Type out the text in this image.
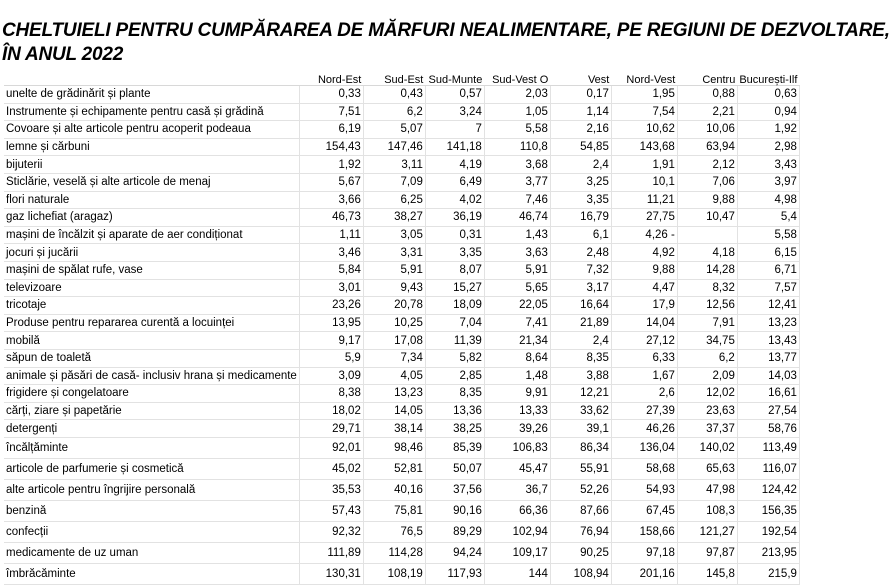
CHELTUIELI PENTRU CUMPĂRAREA DE MĂRFURI NEALIMENTARE, PE REGIUNI DE DEZVOLTARE,
ÎN ANUL 2022
	Nord-Est	Sud-Est	Sud-Munte	Sud-Vest O	Vest	Nord-Vest	Centru	București-Ilf
unelte de grădinărit și plante	0,33	0,43	0,57	2,03	0,17	1,95	0,88	0,63
Instrumente și echipamente pentru casă și grădină	7,51	6,2	3,24	1,05	1,14	7,54	2,21	0,94
Covoare și alte articole pentru acoperit podeaua	6,19	5,07	7	5,58	2,16	10,62	10,06	1,92
lemne și cărbuni	154,43	147,46	141,18	110,8	54,85	143,68	63,94	2,98
bijuterii	1,92	3,11	4,19	3,68	2,4	1,91	2,12	3,43
Sticlărie, veselă și alte articole de menaj	5,67	7,09	6,49	3,77	3,25	10,1	7,06	3,97
flori naturale	3,66	6,25	4,02	7,46	3,35	11,21	9,88	4,98
gaz lichefiat (aragaz)	46,73	38,27	36,19	46,74	16,79	27,75	10,47	5,4
mașini de încălzit și aparate de aer condiționat	1,11	3,05	0,31	1,43	6,1	4,26 -		5,58
jocuri și jucării	3,46	3,31	3,35	3,63	2,48	4,92	4,18	6,15
mașini de spălat rufe, vase	5,84	5,91	8,07	5,91	7,32	9,88	14,28	6,71
televizoare	3,01	9,43	15,27	5,65	3,17	4,47	8,32	7,57
tricotaje	23,26	20,78	18,09	22,05	16,64	17,9	12,56	12,41
Produse pentru repararea curentă a locuinței	13,95	10,25	7,04	7,41	21,89	14,04	7,91	13,23
mobilă	9,17	17,08	11,39	21,34	2,4	27,12	34,75	13,43
săpun de toaletă	5,9	7,34	5,82	8,64	8,35	6,33	6,2	13,77
animale și păsări de casă- inclusiv hrana și medicamente	3,09	4,05	2,85	1,48	3,88	1,67	2,09	14,03
frigidere și congelatoare	8,38	13,23	8,35	9,91	12,21	2,6	12,02	16,61
cărți, ziare și papetărie	18,02	14,05	13,36	13,33	33,62	27,39	23,63	27,54
detergenți	29,71	38,14	38,25	39,26	39,1	46,26	37,37	58,76
încălțăminte	92,01	98,46	85,39	106,83	86,34	136,04	140,02	113,49
articole de parfumerie și cosmetică	45,02	52,81	50,07	45,47	55,91	58,68	65,63	116,07
alte articole pentru îngrijire personală	35,53	40,16	37,56	36,7	52,26	54,93	47,98	124,42
benzină	57,43	75,81	90,16	66,36	87,66	67,45	108,3	156,35
confecții	92,32	76,5	89,29	102,94	76,94	158,66	121,27	192,54
medicamente de uz uman	111,89	114,28	94,24	109,17	90,25	97,18	97,87	213,95
îmbrăcăminte	130,31	108,19	117,93	144	108,94	201,16	145,8	215,9
